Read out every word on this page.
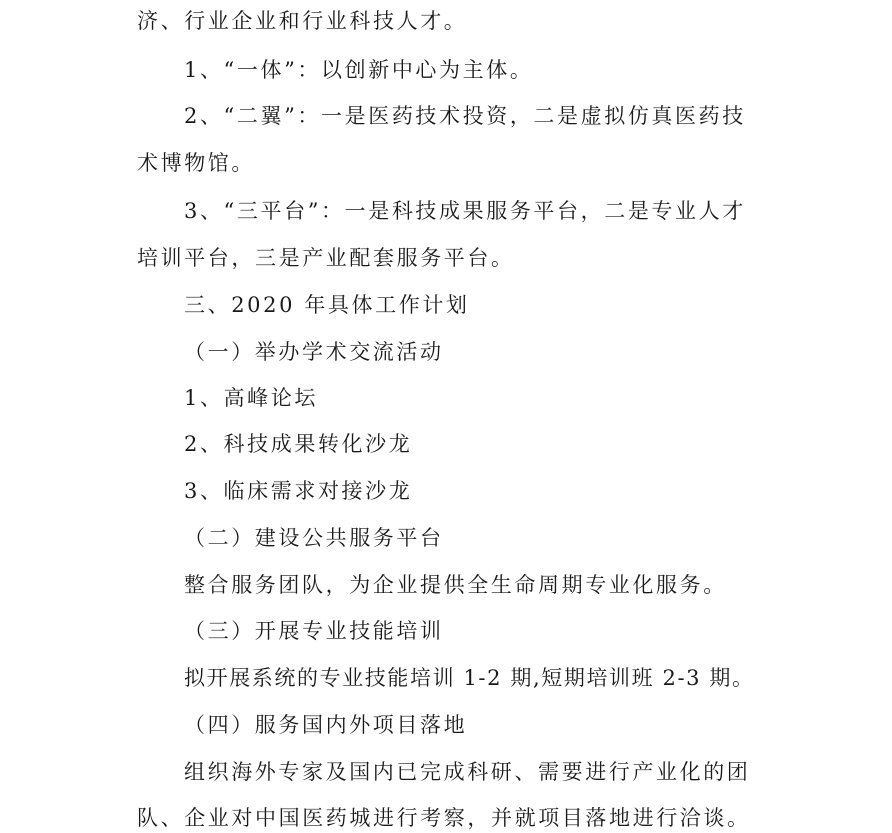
济、行业企业和行业科技人才。

1、“一体”：以创新中心为主体。

2、“二翼”：一是医药技术投资，二是虚拟仿真医药技

术博物馆。

3、“三平台”：一是科技成果服务平台，二是专业人才

培训平台，三是产业配套服务平台。

三、2020 年具体工作计划

（一）举办学术交流活动

1、高峰论坛

2、科技成果转化沙龙

3、临床需求对接沙龙

（二）建设公共服务平台

整合服务团队，为企业提供全生命周期专业化服务。

（三）开展专业技能培训

拟开展系统的专业技能培训 1-2 期,短期培训班 2-3 期。

（四）服务国内外项目落地

组织海外专家及国内已完成科研、需要进行产业化的团

队、企业对中国医药城进行考察，并就项目落地进行洽谈。
